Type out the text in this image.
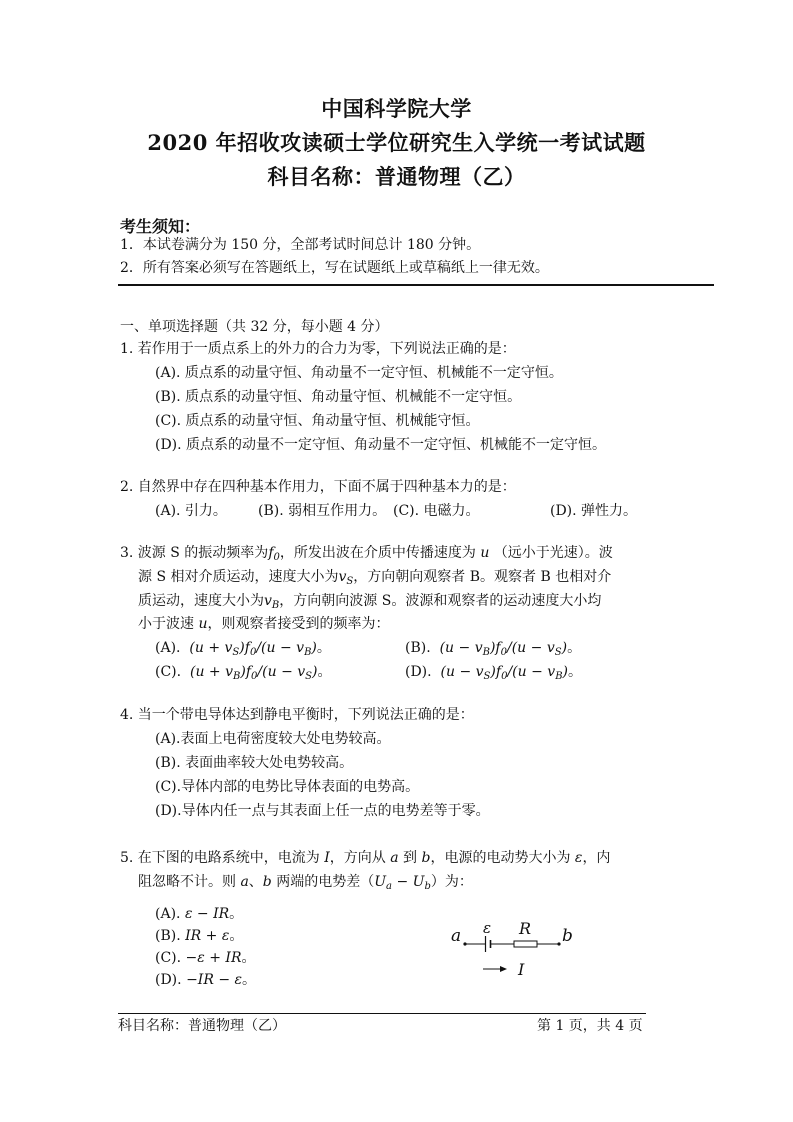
中国科学院大学
2020 年招收攻读硕士学位研究生入学统一考试试题
科目名称：普通物理（乙）
考生须知：
1．本试卷满分为 150 分，全部考试时间总计 180 分钟。
2．所有答案必须写在答题纸上，写在试题纸上或草稿纸上一律无效。
一、单项选择题（共 32 分，每小题 4 分）
1. 若作用于一质点系上的外力的合力为零，下列说法正确的是：
(A). 质点系的动量守恒、角动量不一定守恒、机械能不一定守恒。
(B). 质点系的动量守恒、角动量守恒、机械能不一定守恒。
(C). 质点系的动量守恒、角动量守恒、机械能守恒。
(D). 质点系的动量不一定守恒、角动量不一定守恒、机械能不一定守恒。
2. 自然界中存在四种基本作用力，下面不属于四种基本力的是：
(A). 引力。 (B). 弱相互作用力。 (C). 电磁力。	(D). 弹性力。
3. 波源 S 的振动频率为$f_0$，所发出波在介质中传播速度为 u （远小于光速）。波
源 S 相对介质运动，速度大小为$v_S$，方向朝向观察者 B。观察者 B 也相对介
质运动，速度大小为$v_B$，方向朝向波源 S。波源和观察者的运动速度大小均
小于波速 u，则观察者接受到的频率为：
(A). $(u + v_S)f_0/(u - v_B)$。	(B). $(u - v_B)f_0/(u - v_S)$。
(C). $(u + v_B)f_0/(u - v_S)$。	(D). $(u - v_S)f_0/(u - v_B)$。
4. 当一个带电导体达到静电平衡时，下列说法正确的是：
(A).表面上电荷密度较大处电势较高。
(B). 表面曲率较大处电势较高。
(C).导体内部的电势比导体表面的电势高。
(D).导体内任一点与其表面上任一点的电势差等于零。
5. 在下图的电路系统中，电流为 I，方向从 a 到 b，电源的电动势大小为 ε，内
阻忽略不计。则 a、b 两端的电势差$(U_a - U_b)$为：
(A). ε − IR。
(B). IR + ε。
(C). −ε + IR。
(D). −IR − ε。
a ε R b
I
科目名称：普通物理（乙）	第 1 页，共 4 页
